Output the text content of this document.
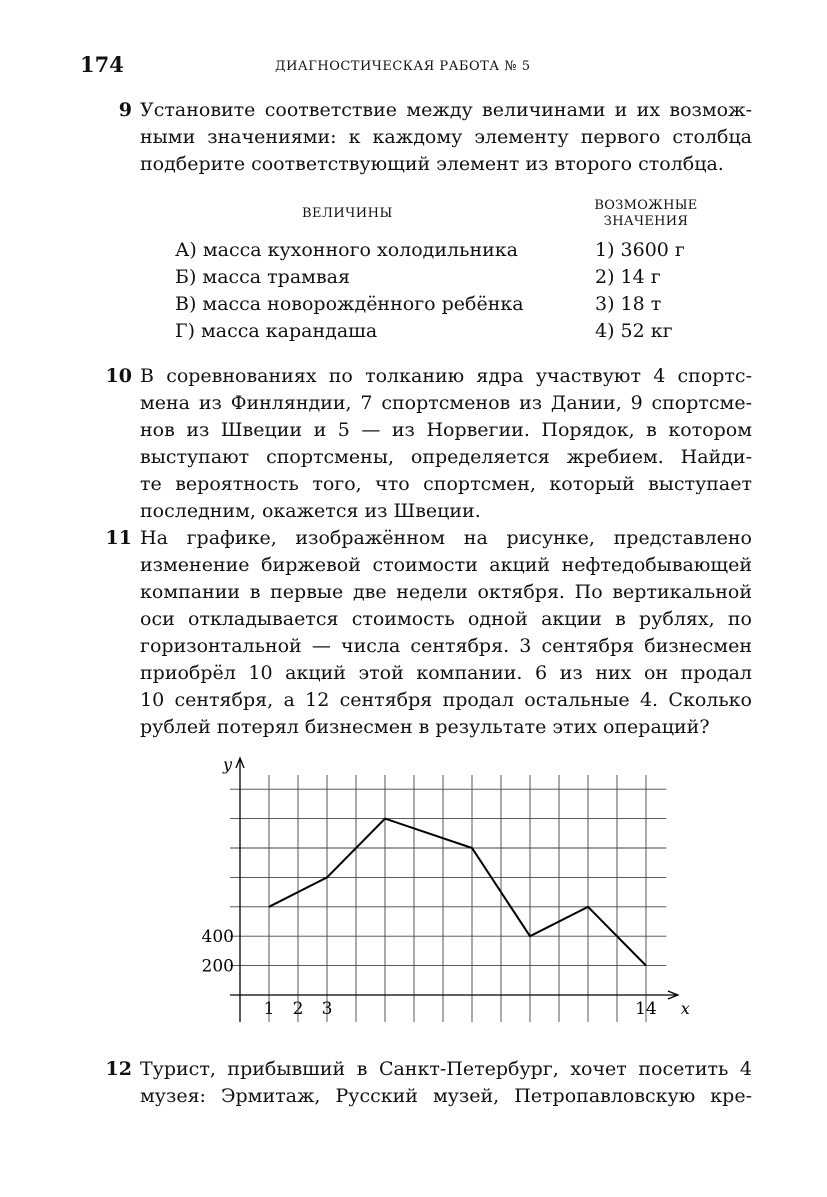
174	ДИАГНОСТИЧЕСКАЯ РАБОТА № 5
9 Установите соответствие между величинами и их возмож-
ными значениями: к каждому элементу первого столбца
подберите соответствующий элемент из второго столбца.
ВЕЛИЧИНЫ
ВОЗМОЖНЫЕ
ЗНАЧЕНИЯ
А) масса кухонного холодильника
Б) масса трамвая
В) масса новорождённого ребёнка
Г) масса карандаша
1) 3600 г
2) 14 г
3) 18 т
4) 52 кг
10 В соревнованиях по толканию ядра участвуют 4 спортс-
мена из Финляндии, 7 спортсменов из Дании, 9 спортсме-
нов из Швеции и 5 — из Норвегии. Порядок, в котором
выступают спортсмены, определяется жребием. Найди-
те вероятность того, что спортсмен, который выступает
последним, окажется из Швеции.
11 На графике, изображённом на рисунке, представлено
изменение биржевой стоимости акций нефтедобывающей
компании в первые две недели октября. По вертикальной
оси откладывается стоимость одной акции в рублях, по
горизонтальной — числа сентября. 3 сентября бизнесмен
приобрёл 10 акций этой компании. 6 из них он продал
10 сентября, а 12 сентября продал остальные 4. Сколько
рублей потерял бизнесмен в результате этих операций?
y
x
200
400
1 2 3	14
12 Турист, прибывший в Санкт-Петербург, хочет посетить 4
музея: Эрмитаж, Русский музей, Петропавловскую кре-
